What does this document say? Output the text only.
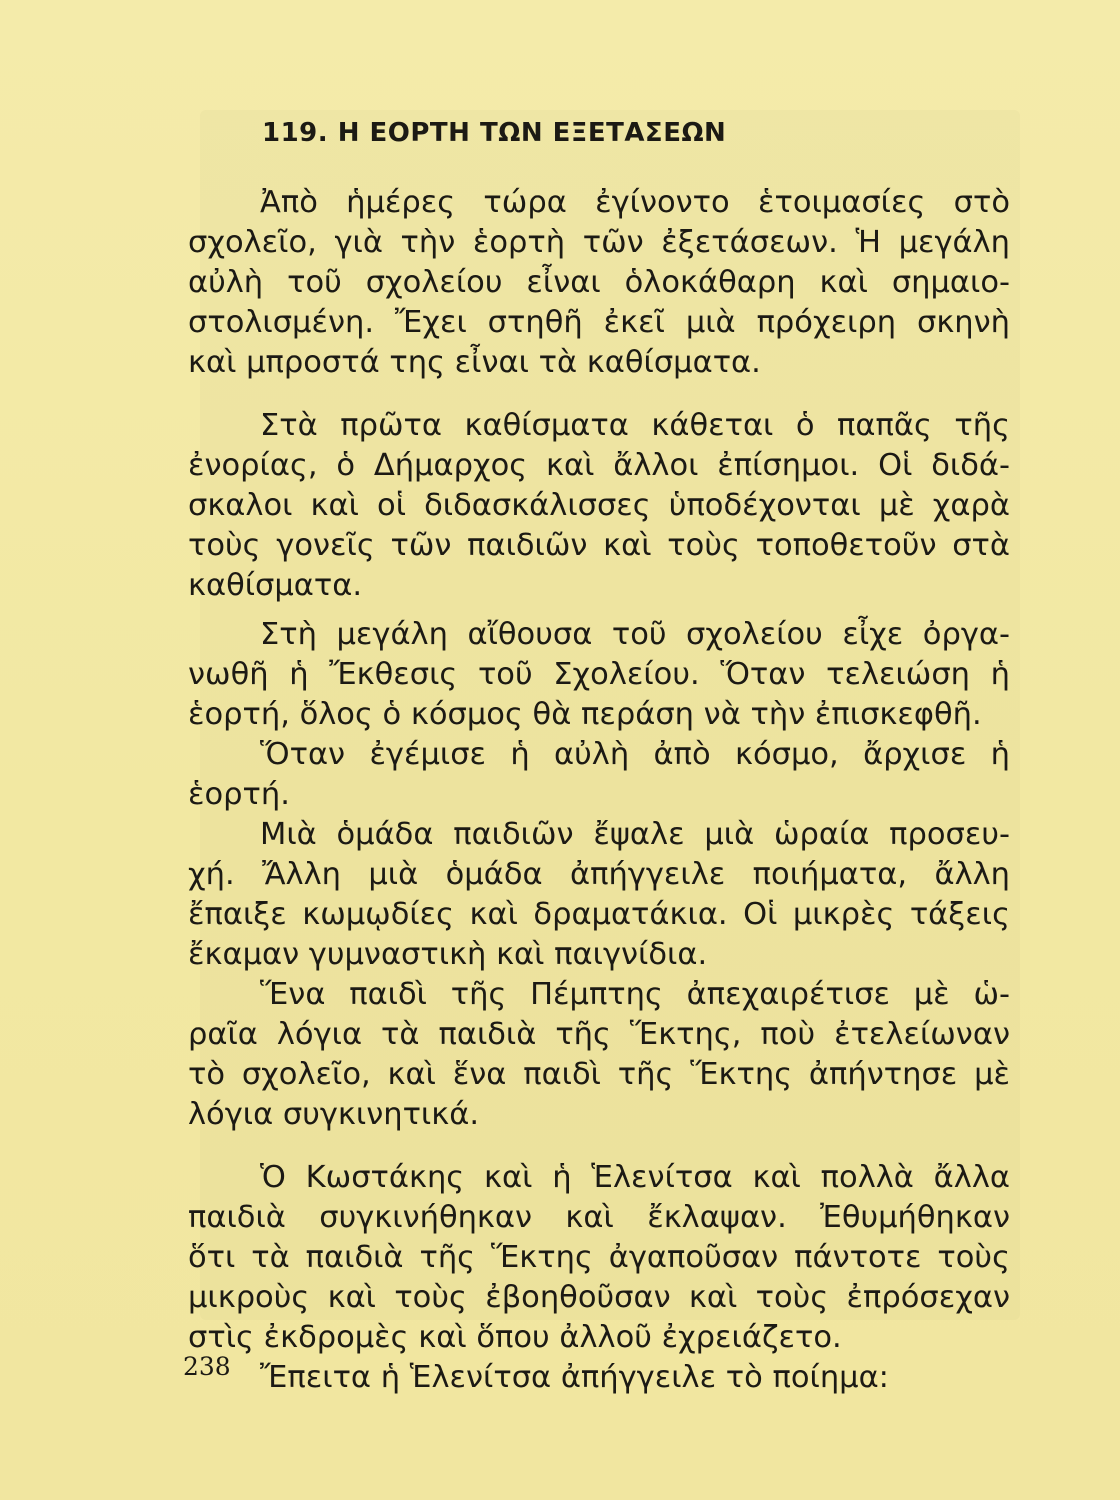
119. Η ΕΟΡΤΗ ΤΩΝ ΕΞΕΤΑΣΕΩΝ
Ἀπὸ ἡμέρες τώρα ἐγίνοντο ἑτοιμασίες στὸ
σχολεῖο, γιὰ τὴν ἑορτὴ τῶν ἐξετάσεων. Ἡ μεγάλη
αὐλὴ τοῦ σχολείου εἶναι ὁλοκάθαρη καὶ σημαιο-
στολισμένη. Ἔχει στηθῆ ἐκεῖ μιὰ πρόχειρη σκηνὴ
καὶ μπροστά της εἶναι τὰ καθίσματα.
Στὰ πρῶτα καθίσματα κάθεται ὁ παπᾶς τῆς
ἐνορίας, ὁ Δήμαρχος καὶ ἄλλοι ἐπίσημοι. Οἱ διδά-
σκαλοι καὶ οἱ διδασκάλισσες ὑποδέχονται μὲ χαρὰ
τοὺς γονεῖς τῶν παιδιῶν καὶ τοὺς τοποθετοῦν στὰ
καθίσματα.
Στὴ μεγάλη αἴθουσα τοῦ σχολείου εἶχε ὀργα-
νωθῆ ἡ Ἔκθεσις τοῦ Σχολείου. Ὅταν τελειώση ἡ
ἑορτή, ὅλος ὁ κόσμος θὰ περάση νὰ τὴν ἐπισκεφθῆ.
Ὅταν ἐγέμισε ἡ αὐλὴ ἀπὸ κόσμο, ἄρχισε ἡ
ἑορτή.
Μιὰ ὁμάδα παιδιῶν ἔψαλε μιὰ ὡραία προσευ-
χή. Ἄλλη μιὰ ὁμάδα ἀπήγγειλε ποιήματα, ἄλλη
ἔπαιξε κωμῳδίες καὶ δραματάκια. Οἱ μικρὲς τάξεις
ἔκαμαν γυμναστικὴ καὶ παιγνίδια.
Ἕνα παιδὶ τῆς Πέμπτης ἀπεχαιρέτισε μὲ ὡ-
ραῖα λόγια τὰ παιδιὰ τῆς Ἕκτης, ποὺ ἐτελείωναν
τὸ σχολεῖο, καὶ ἕνα παιδὶ τῆς Ἕκτης ἀπήντησε μὲ
λόγια συγκινητικά.
Ὁ Κωστάκης καὶ ἡ Ἑλενίτσα καὶ πολλὰ ἄλλα
παιδιὰ συγκινήθηκαν καὶ ἔκλαψαν. Ἐθυμήθηκαν
ὅτι τὰ παιδιὰ τῆς Ἕκτης ἀγαποῦσαν πάντοτε τοὺς
μικροὺς καὶ τοὺς ἐβοηθοῦσαν καὶ τοὺς ἐπρόσεχαν
στὶς ἐκδρομὲς καὶ ὅπου ἀλλοῦ ἐχρειάζετο.
Ἔπειτα ἡ Ἑλενίτσα ἀπήγγειλε τὸ ποίημα:
238
